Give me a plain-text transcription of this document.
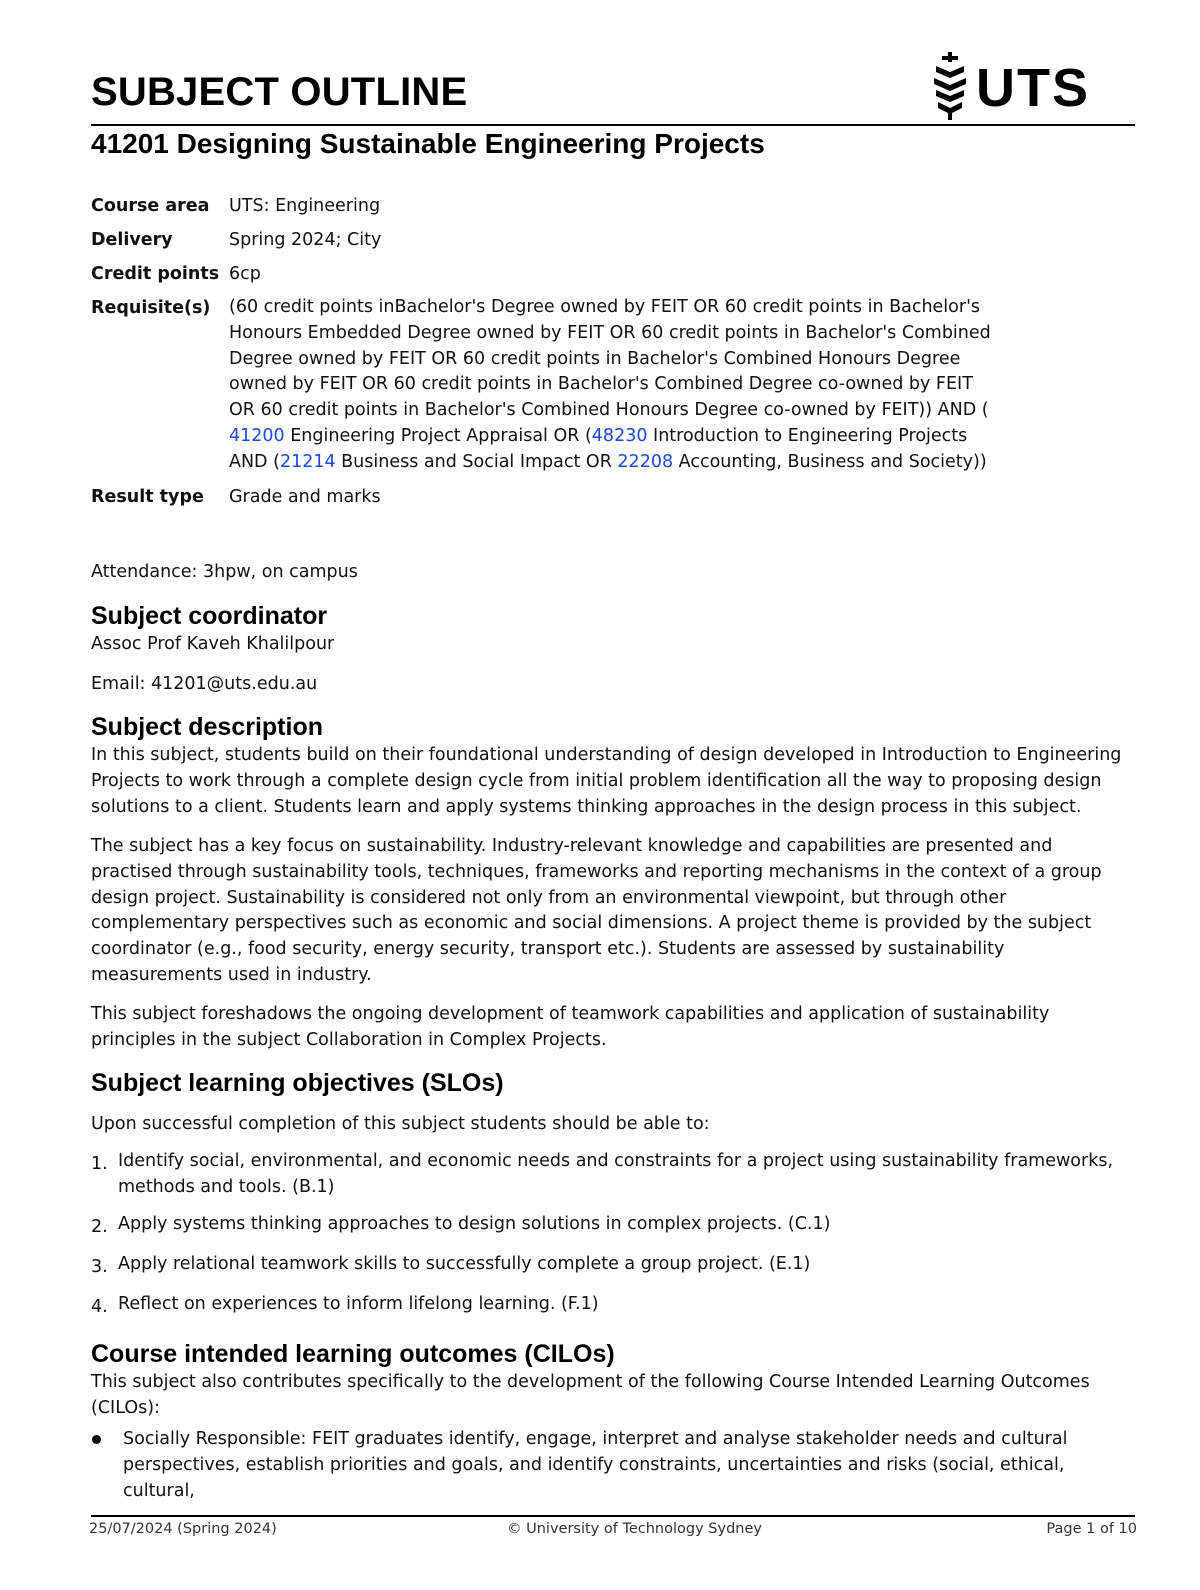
SUBJECT OUTLINE	UTS
41201 Designing Sustainable Engineering Projects
Course area	UTS: Engineering
Delivery	Spring 2024; City
Credit points 6cp
Requisite(s)	(60 credit points inBachelor's Degree owned by FEIT OR 60 credit points in Bachelor's Honours Embedded Degree owned by FEIT OR 60 credit points in Bachelor's Combined Degree owned by FEIT OR 60 credit points in Bachelor's Combined Honours Degree owned by FEIT OR 60 credit points in Bachelor's Combined Degree co-owned by FEIT OR 60 credit points in Bachelor's Combined Honours Degree co-owned by FEIT)) AND ( 41200 Engineering Project Appraisal OR (48230 Introduction to Engineering Projects AND (21214 Business and Social Impact OR 22208 Accounting, Business and Society))
Result type	Grade and marks

Attendance: 3hpw, on campus

Subject coordinator

Assoc Prof Kaveh Khalilpour

Email: 41201@uts.edu.au

Subject description

In this subject, students build on their foundational understanding of design developed in Introduction to Engineering Projects to work through a complete design cycle from initial problem identification all the way to proposing design solutions to a client. Students learn and apply systems thinking approaches in the design process in this subject.

The subject has a key focus on sustainability. Industry-relevant knowledge and capabilities are presented and practised through sustainability tools, techniques, frameworks and reporting mechanisms in the context of a group design project. Sustainability is considered not only from an environmental viewpoint, but through other complementary perspectives such as economic and social dimensions. A project theme is provided by the subject coordinator (e.g., food security, energy security, transport etc.). Students are assessed by sustainability measurements used in industry.

This subject foreshadows the ongoing development of teamwork capabilities and application of sustainability principles in the subject Collaboration in Complex Projects.

Subject learning objectives (SLOs)

Upon successful completion of this subject students should be able to:

1. Identify social, environmental, and economic needs and constraints for a project using sustainability frameworks, methods and tools. (B.1)
2. Apply systems thinking approaches to design solutions in complex projects. (C.1)
3. Apply relational teamwork skills to successfully complete a group project. (E.1)
4. Reflect on experiences to inform lifelong learning. (F.1)
Course intended learning outcomes (CILOs)

This subject also contributes specifically to the development of the following Course Intended Learning Outcomes (CILOs):

Socially Responsible: FEIT graduates identify, engage, interpret and analyse stakeholder needs and cultural perspectives, establish priorities and goals, and identify constraints, uncertainties and risks (social, ethical, cultural,
25/07/2024 (Spring 2024)	© University of Technology Sydney	Page 1 of 10
